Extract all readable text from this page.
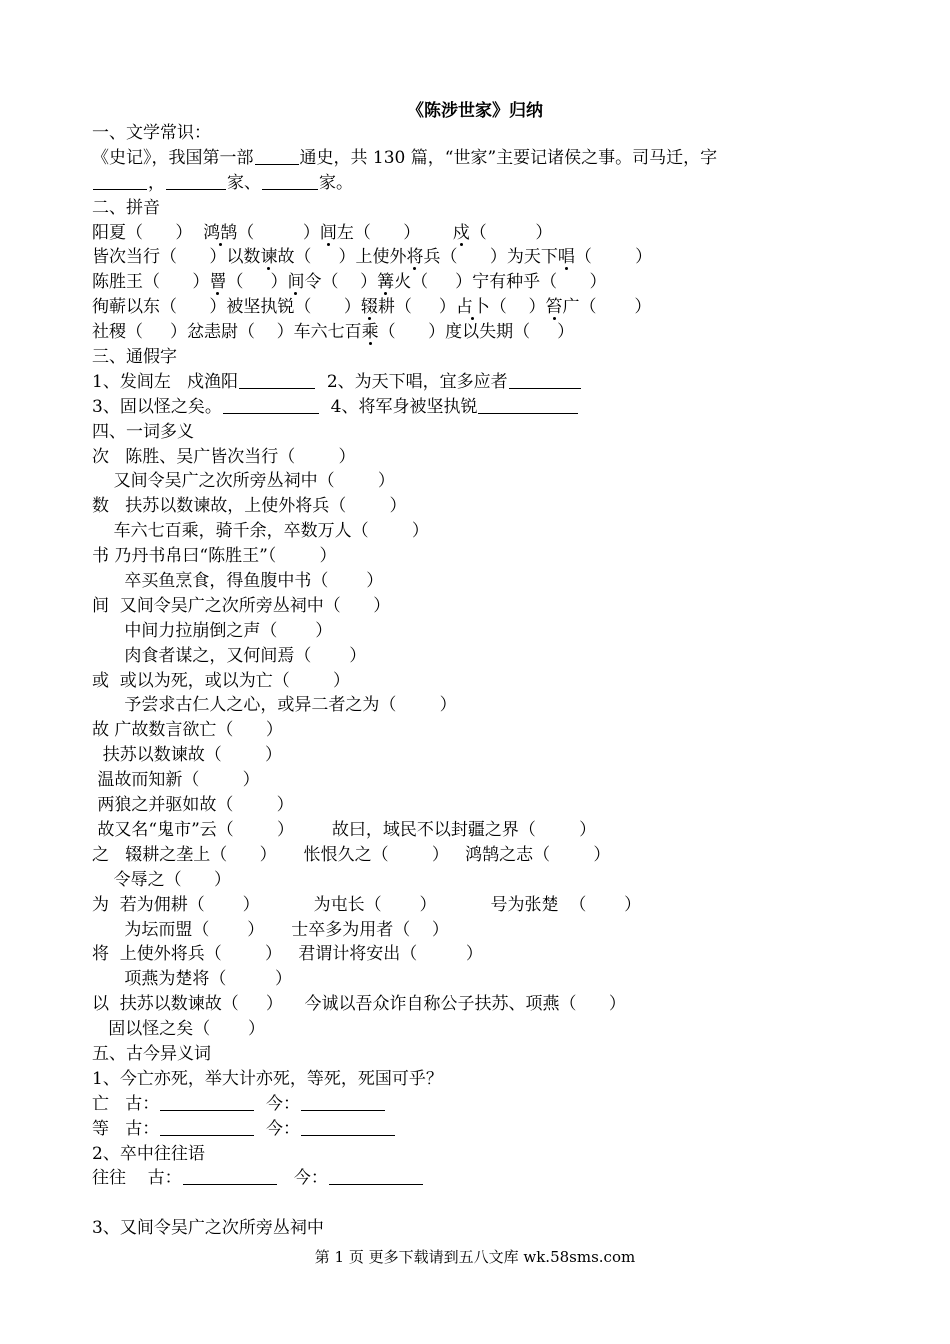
《陈涉世家》归纳
一、文学常识：
《史记》，我国第一部	通史，共 130 篇，“世家”主要记诸侯之事。司马迁，字
，	家、	家。
二、拼音
阳夏（      ）  鸿鹄（         ）闾左（      ）      戍（         ）
皆次当行（      ）以数谏故（     ）上使外将兵（      ）为天下唱（        ）
陈胜王（      ）罾（     ）间令（    ）篝火（     ）宁有种乎（      ）
徇蕲以东（      ）被坚执锐（      ）辍耕（     ）占卜（    ）笞广（       ）
社稷（     ）忿恚尉（    ）车六七百乘（      ）度以失期（     ）
三、通假字
1、发闾左   戍渔阳	2、为天下唱，宜多应者
3、固以怪之矣。	4、将军身被坚执锐
四、一词多义
次   陈胜、吴广皆次当行（        ）
又间令吴广之次所旁丛祠中（        ）
数   扶苏以数谏故，上使外将兵（        ）
车六七百乘，骑千余，卒数万人（        ）
书 乃丹书帛曰“陈胜王”（        ）
卒买鱼烹食，得鱼腹中书（       ）
间  又间令吴广之次所旁丛祠中（      ）
中间力拉崩倒之声（       ）
肉食者谋之，又何间焉（       ）
或  或以为死，或以为亡（        ）
予尝求古仁人之心，或异二者之为（        ）
故 广故数言欲亡（      ）
扶苏以数谏故（        ）
温故而知新（        ）
两狼之并驱如故（        ）
故又名“鬼市”云（        ）       故曰，域民不以封疆之界（        ）
之   辍耕之垄上（      ）     怅恨久之（        ）   鸿鹄之志（        ）
令辱之（      ）
为  若为佣耕（       ）          为屯长（       ）          号为张楚  （       ）
为坛而盟（       ）     士卒多为用者（    ）
将  上使外将兵（        ）   君谓计将安出（         ）
项燕为楚将（         ）
以  扶苏以数谏故（     ）    今诚以吾众诈自称公子扶苏、项燕（      ）
固以怪之矣（       ）
五、古今异义词
1、今亡亦死，举大计亦死，等死，死国可乎？
亡   古：	今：
等   古：	今：
2、卒中往往语
往往    古：	今：
3、又间令吴广之次所旁丛祠中
第 1 页 更多下载请到五八文库 wk.58sms.com
